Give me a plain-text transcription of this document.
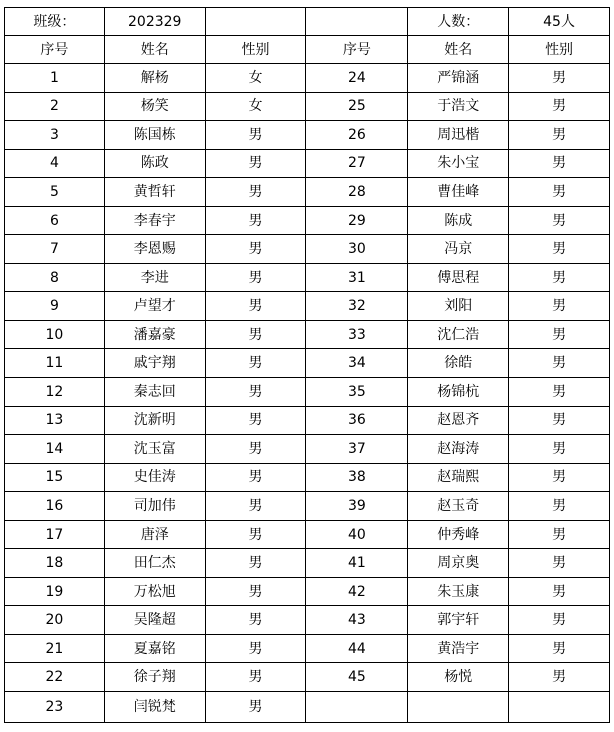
班级：	202329			人数：	45人
序号	姓名	性别	序号	姓名	性别
1	解杨	女	24	严锦涵	男
2	杨笑	女	25	于浩文	男
3	陈国栋	男	26	周迅楷	男
4	陈政	男	27	朱小宝	男
5	黄哲轩	男	28	曹佳峰	男
6	李春宇	男	29	陈成	男
7	李恩赐	男	30	冯京	男
8	李进	男	31	傅思程	男
9	卢望才	男	32	刘阳	男
10	潘嘉豪	男	33	沈仁浩	男
11	戚宇翔	男	34	徐皓	男
12	秦志回	男	35	杨锦杭	男
13	沈新明	男	36	赵恩齐	男
14	沈玉富	男	37	赵海涛	男
15	史佳涛	男	38	赵瑞熙	男
16	司加伟	男	39	赵玉奇	男
17	唐泽	男	40	仲秀峰	男
18	田仁杰	男	41	周京奥	男
19	万松旭	男	42	朱玉康	男
20	吴隆超	男	43	郭宇轩	男
21	夏嘉铭	男	44	黄浩宇	男
22	徐子翔	男	45	杨悦	男
23	闫锐梵	男			
